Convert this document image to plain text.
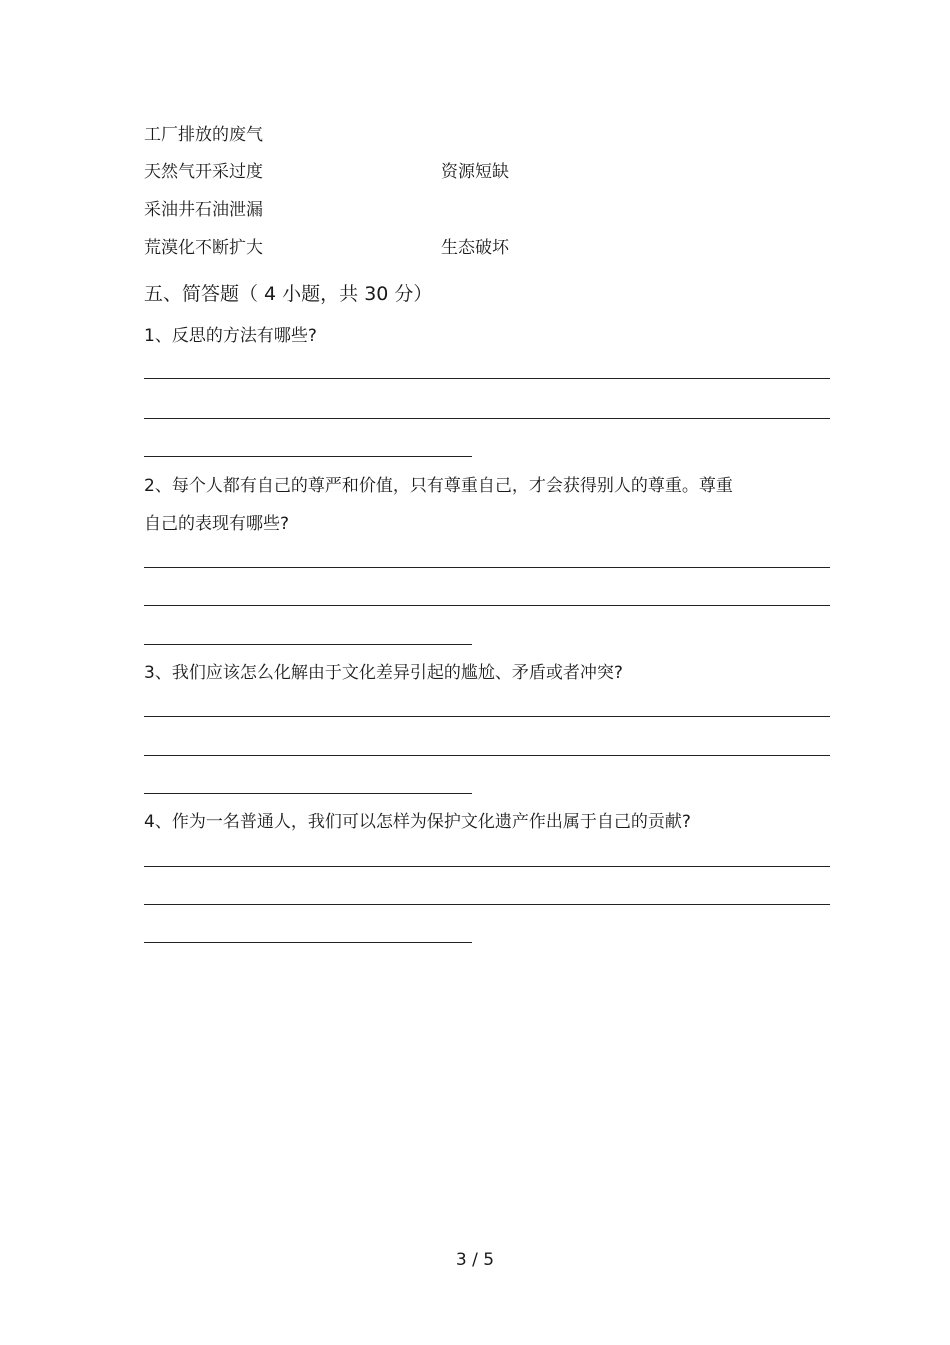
工厂排放的废气
天然气开采过度	资源短缺
采油井石油泄漏
荒漠化不断扩大	生态破坏
五、简答题（ 4 小题，共 30 分）
1、反思的方法有哪些?
2、每个人都有自己的尊严和价值，只有尊重自己，才会获得别人的尊重。尊重
自己的表现有哪些?
3、我们应该怎么化解由于文化差异引起的尴尬、矛盾或者冲突?
4、作为一名普通人，我们可以怎样为保护文化遗产作出属于自己的贡献?
3 / 5
